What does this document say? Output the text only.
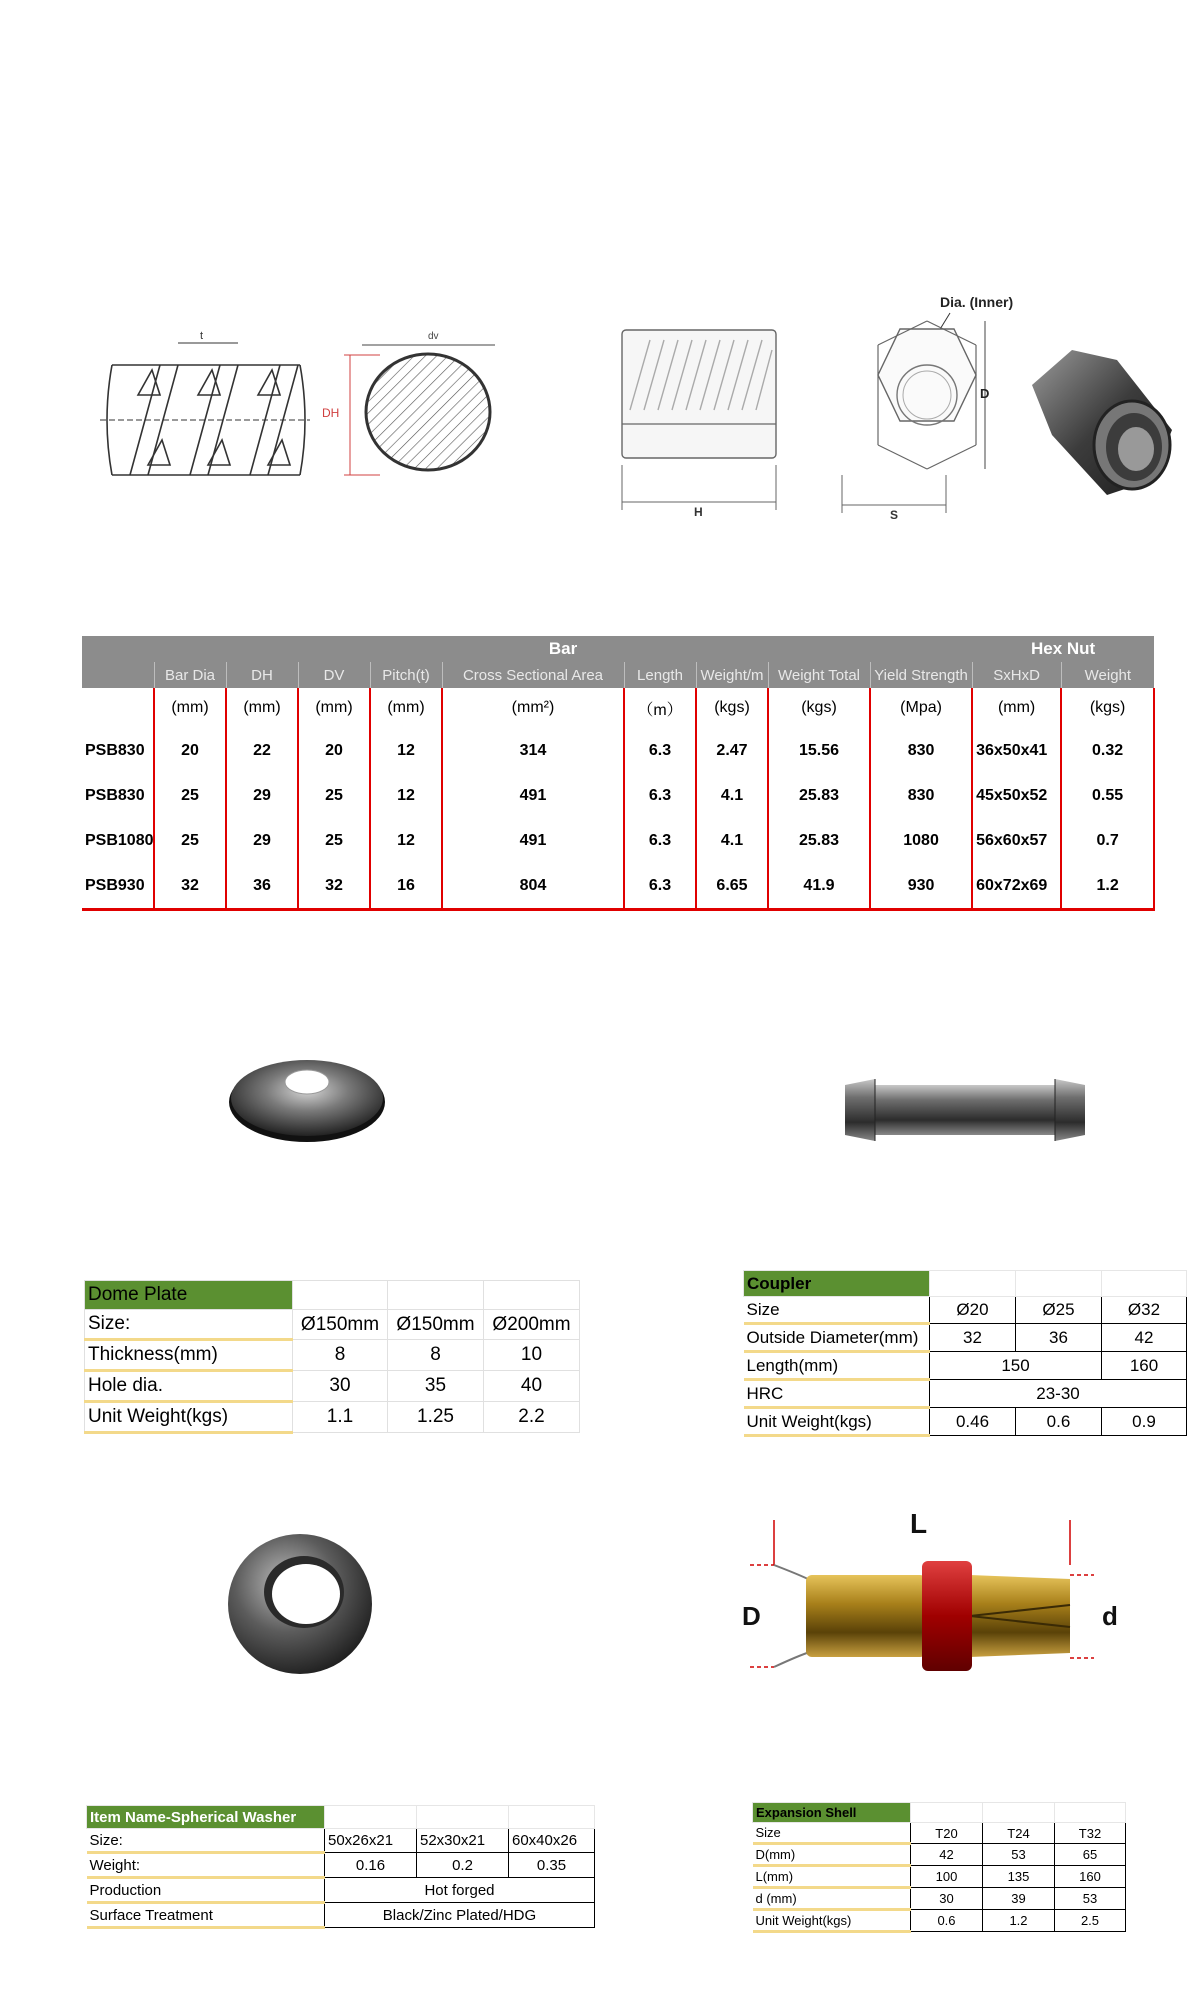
t
DH
dv
H
Dia. (Inner)
D
S
	Bar									Hex Nut	
	Bar Dia	DH	DV	Pitch(t)	Cross Sectional Area	Length	Weight/m	Weight Total	Yield Strength	SxHxD	Weight
	(mm)	(mm)	(mm)	(mm)	(mm²)	（m）	(kgs)	(kgs)	(Mpa)	(mm)	(kgs)
PSB830	20	22	20	12	314	6.3	2.47	15.56	830	36x50x41	0.32
PSB830	25	29	25	12	491	6.3	4.1	25.83	830	45x50x52	0.55
PSB1080	25	29	25	12	491	6.3	4.1	25.83	1080	56x60x57	0.7
PSB930	32	36	32	16	804	6.3	6.65	41.9	930	60x72x69	1.2
Dome Plate			
Size:	Ø150mm	Ø150mm	Ø200mm
Thickness(mm)	8	8	10
Hole dia.	30	35	40
Unit Weight(kgs)	1.1	1.25	2.2
Coupler			
Size	Ø20	Ø25	Ø32
Outside Diameter(mm)	32	36	42
Length(mm)	150		160
HRC	23-30		
Unit Weight(kgs)	0.46	0.6	0.9
L
D	d
Item Name-Spherical Washer			
Size:	50x26x21	52x30x21	60x40x26
Weight:	0.16	0.2	0.35
Production	Hot forged		
Surface Treatment	Black/Zinc Plated/HDG		
Expansion Shell			
Size	T20	T24	T32
D(mm)	42	53	65
L(mm)	100	135	160
d (mm)	30	39	53
Unit Weight(kgs)	0.6	1.2	2.5
